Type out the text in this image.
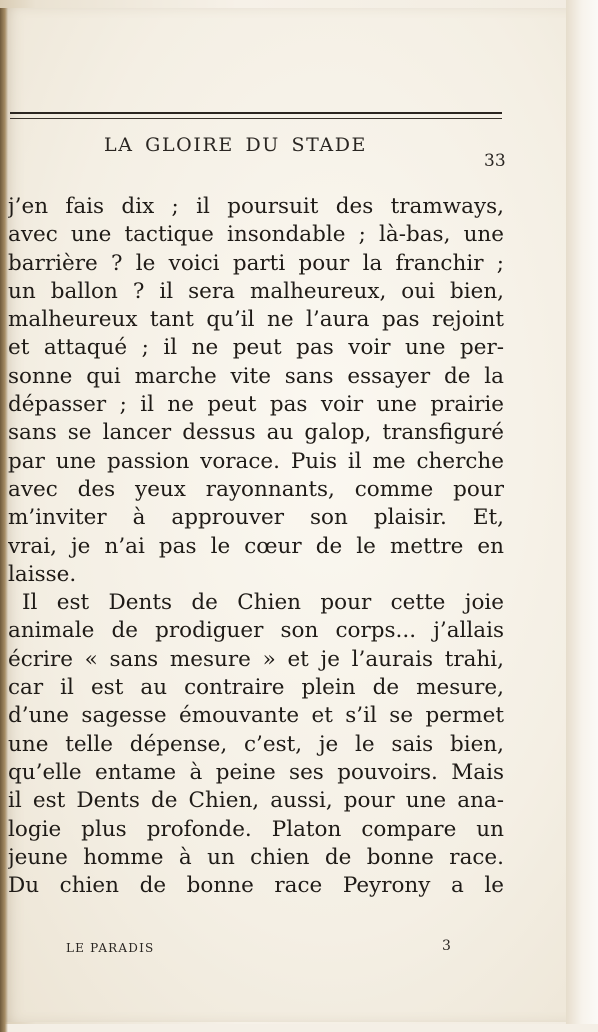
LA GLOIRE DU STADE
33
j’en fais dix ; il poursuit des tramways,
avec une tactique insondable ; là-bas, une
barrière ? le voici parti pour la franchir ;
un ballon ? il sera malheureux, oui bien,
malheureux tant qu’il ne l’aura pas rejoint
et attaqué ; il ne peut pas voir une per-
sonne qui marche vite sans essayer de la
dépasser ; il ne peut pas voir une prairie
sans se lancer dessus au galop, transfiguré
par une passion vorace. Puis il me cherche
avec des yeux rayonnants, comme pour
m’inviter à approuver son plaisir. Et,
vrai, je n’ai pas le cœur de le mettre en
laisse.
Il est Dents de Chien pour cette joie
animale de prodiguer son corps... j’allais
écrire « sans mesure » et je l’aurais trahi,
car il est au contraire plein de mesure,
d’une sagesse émouvante et s’il se permet
une telle dépense, c’est, je le sais bien,
qu’elle entame à peine ses pouvoirs. Mais
il est Dents de Chien, aussi, pour une ana-
logie plus profonde. Platon compare un
jeune homme à un chien de bonne race.
Du chien de bonne race Peyrony a le
LE PARADIS	3
